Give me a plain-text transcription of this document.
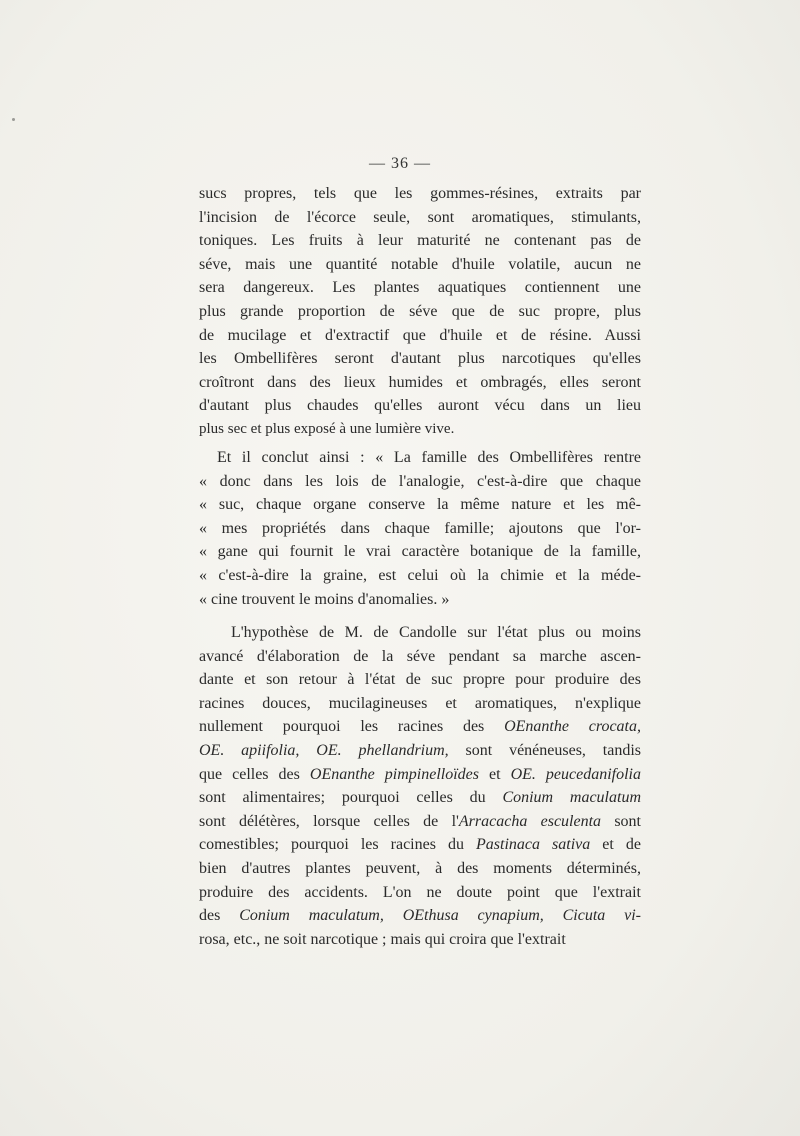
— 36 —
sucs propres, tels que les gommes-résines, extraits par
l'incision de l'écorce seule, sont aromatiques, stimulants,
toniques. Les fruits à leur maturité ne contenant pas de
séve, mais une quantité notable d'huile volatile, aucun ne
sera dangereux. Les plantes aquatiques contiennent une
plus grande proportion de séve que de suc propre, plus
de mucilage et d'extractif que d'huile et de résine. Aussi
les Ombellifères seront d'autant plus narcotiques qu'elles
croîtront dans des lieux humides et ombragés, elles seront
d'autant plus chaudes qu'elles auront vécu dans un lieu
plus sec et plus exposé à une lumière vive.
Et il conclut ainsi : « La famille des Ombellifères rentre
« donc dans les lois de l'analogie, c'est-à-dire que chaque
« suc, chaque organe conserve la même nature et les mê-
« mes propriétés dans chaque famille; ajoutons que l'or-
« gane qui fournit le vrai caractère botanique de la famille,
« c'est-à-dire la graine, est celui où la chimie et la méde-
« cine trouvent le moins d'anomalies. »
L'hypothèse de M. de Candolle sur l'état plus ou moins
avancé d'élaboration de la séve pendant sa marche ascen-
dante et son retour à l'état de suc propre pour produire des
racines douces, mucilagineuses et aromatiques, n'explique
nullement pourquoi les racines des OEnanthe crocata,
OE. apiifolia, OE. phellandrium, sont vénéneuses, tandis
que celles des OEnanthe pimpinelloïdes et OE. peucedanifolia
sont alimentaires; pourquoi celles du Conium maculatum
sont délétères, lorsque celles de l'Arracacha esculenta sont
comestibles; pourquoi les racines du Pastinaca sativa et de
bien d'autres plantes peuvent, à des moments déterminés,
produire des accidents. L'on ne doute point que l'extrait
des Conium maculatum, OEthusa cynapium, Cicuta vi-
rosa, etc., ne soit narcotique ; mais qui croira que l'extrait
